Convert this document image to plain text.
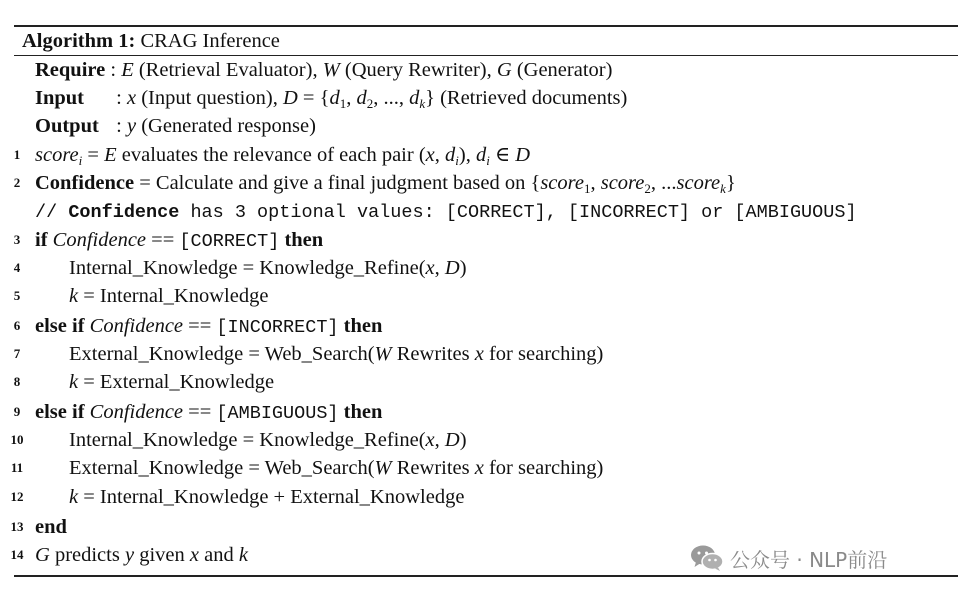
Algorithm 1: CRAG Inference
Require : E (Retrieval Evaluator), W (Query Rewriter), G (Generator)
Input : x (Input question), $D = \{d_1$, $d_2$, ..., $d_k$} (Retrieved documents)
Output : y (Generated response)
1 score$_i$ = E evaluates the relevance of each pair (x, $d_i$), $d_i$ ∈ D
2 Confidence = Calculate and give a final judgment based on {score$_1$, score$_2$, ...score$_k$}
// Confidence has 3 optional values: [CORRECT], [INCORRECT] or [AMBIGUOUS]
3 if Confidence == [CORRECT] then
4 Internal_Knowledge = Knowledge_Refine(x, D)
5 k = Internal_Knowledge
6 else if Confidence == [INCORRECT] then
7 External_Knowledge = Web_Search(W Rewrites x for searching)
8 k = External_Knowledge
9 else if Confidence == [AMBIGUOUS] then
10 Internal_Knowledge = Knowledge_Refine(x, D)
11 External_Knowledge = Web_Search(W Rewrites x for searching)
12 k = Internal_Knowledge + External_Knowledge
13 end
14 G predicts y given x and k	公众号 · NLP前沿
